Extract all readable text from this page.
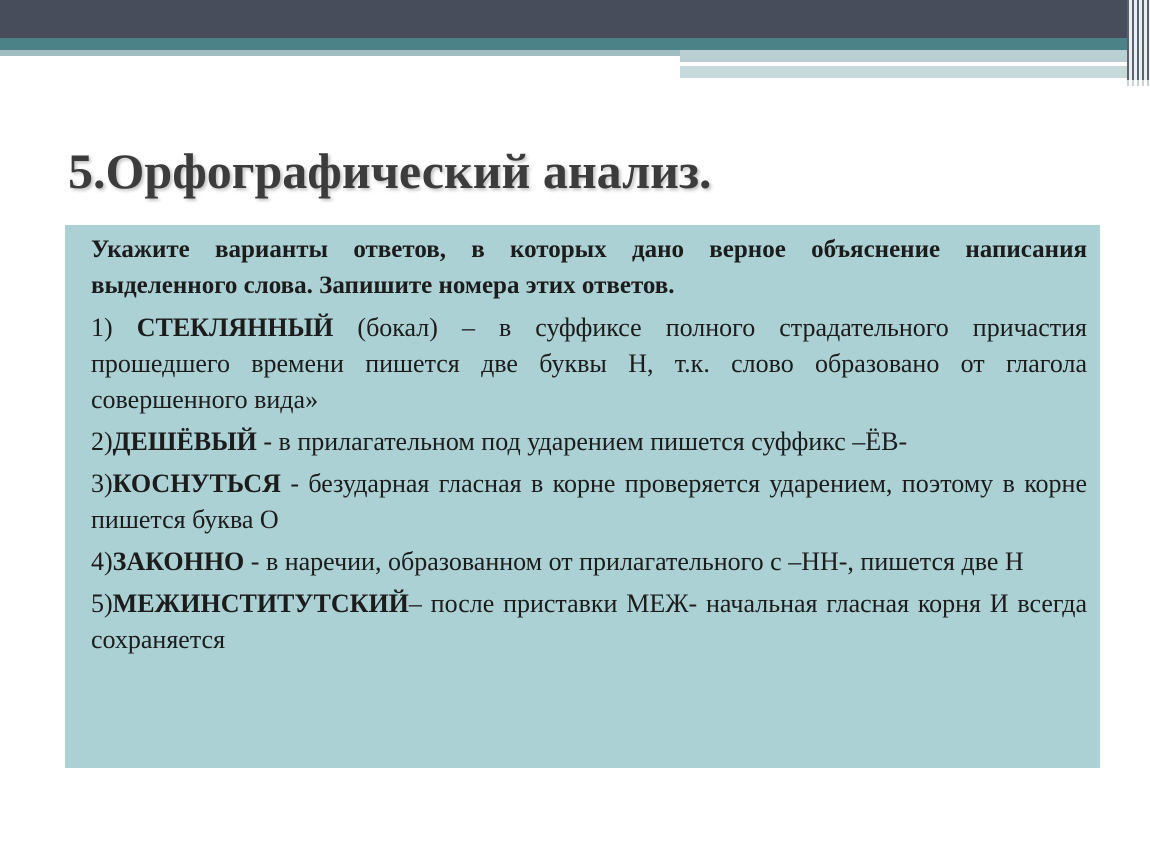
5.Орфографический анализ.

Укажите варианты ответов, в которых дано верное объяснение написания выделенного слова. Запишите номера этих ответов.

1) СТЕКЛЯННЫЙ (бокал) – в суффиксе полного страдательного причастия прошедшего времени пишется две буквы Н, т.к. слово образовано от глагола совершенного вида»

2)ДЕШЁВЫЙ - в прилагательном под ударением пишется суффикс –ЁВ-

3)КОСНУТЬСЯ - безударная гласная в корне проверяется ударением, поэтому в корне пишется буква О

4)ЗАКОННО - в наречии, образованном от прилагательного с –НН-, пишется две Н

5)МЕЖИНСТИТУТСКИЙ– после приставки МЕЖ- начальная гласная корня И всегда сохраняется
